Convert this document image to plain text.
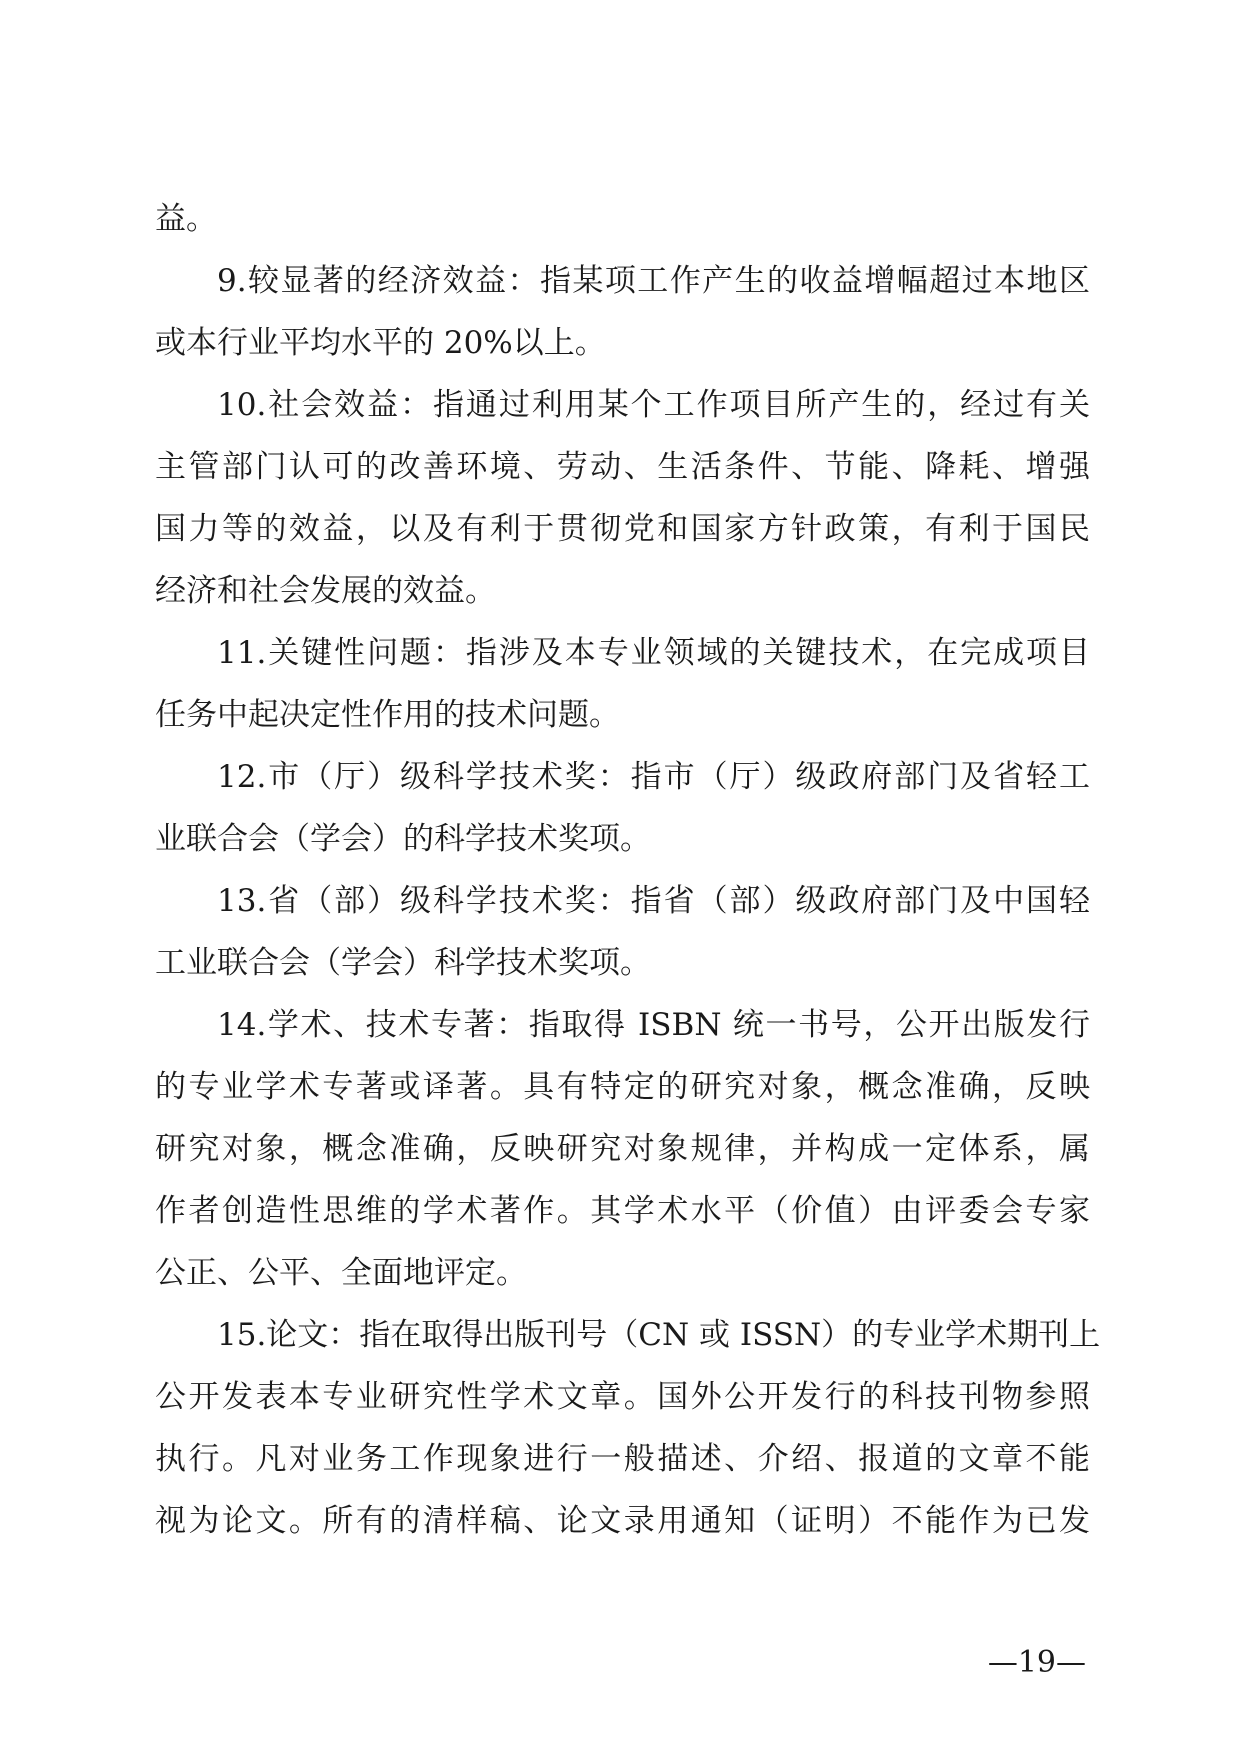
益。
9.较显著的经济效益：指某项工作产生的收益增幅超过本地区
或本行业平均水平的 20%以上。
10.社会效益：指通过利用某个工作项目所产生的，经过有关
主管部门认可的改善环境、劳动、生活条件、节能、降耗、增强
国力等的效益，以及有利于贯彻党和国家方针政策，有利于国民
经济和社会发展的效益。
11.关键性问题：指涉及本专业领域的关键技术，在完成项目
任务中起决定性作用的技术问题。
12.市（厅）级科学技术奖：指市（厅）级政府部门及省轻工
业联合会（学会）的科学技术奖项。
13.省（部）级科学技术奖：指省（部）级政府部门及中国轻
工业联合会（学会）科学技术奖项。
14.学术、技术专著：指取得 ISBN 统一书号，公开出版发行
的专业学术专著或译著。具有特定的研究对象，概念准确，反映
研究对象，概念准确，反映研究对象规律，并构成一定体系，属
作者创造性思维的学术著作。其学术水平（价值）由评委会专家
公正、公平、全面地评定。
15.论文：指在取得出版刊号（CN 或 ISSN）的专业学术期刊上
公开发表本专业研究性学术文章。国外公开发行的科技刊物参照
执行。凡对业务工作现象进行一般描述、介绍、报道的文章不能
视为论文。所有的清样稿、论文录用通知（证明）不能作为已发
—19—
